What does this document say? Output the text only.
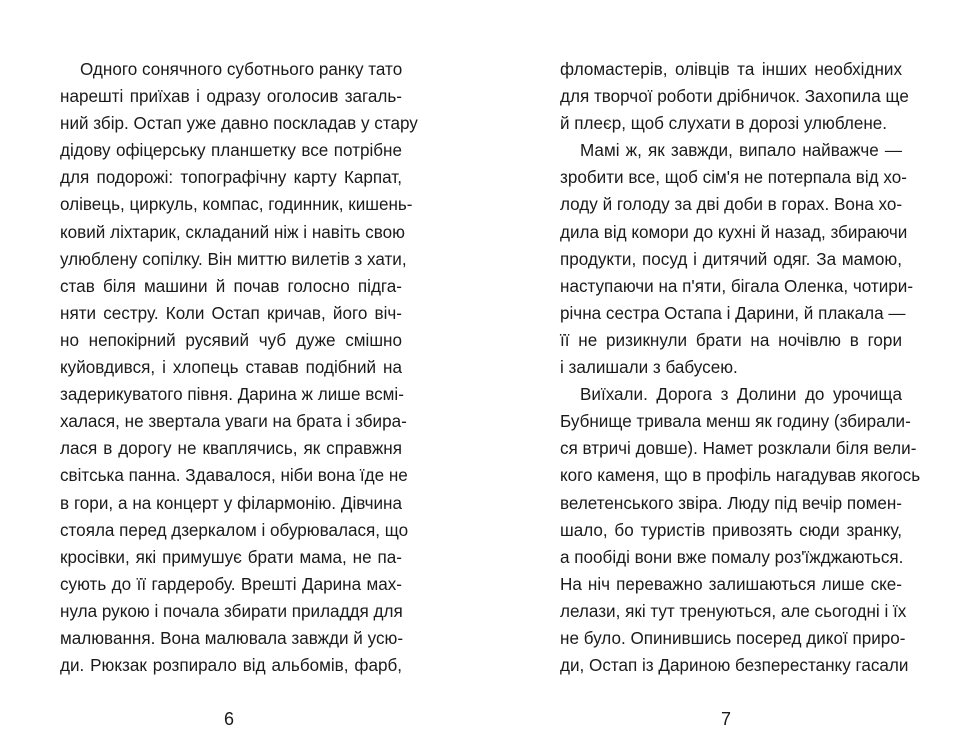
Одного сонячного суботнього ранку тато
нарешті приїхав і одразу оголосив загаль-
ний збір. Остап уже давно поскладав у стару
дідову офіцерську планшетку все потрібне
для подорожі: топографічну карту Карпат,
олівець, циркуль, компас, годинник, кишень-
ковий ліхтарик, складаний ніж і навіть свою
улюблену сопілку. Він миттю вилетів з хати,
став біля машини й почав голосно підга-
няти сестру. Коли Остап кричав, його віч-
но непокірний русявий чуб дуже смішно
куйовдився, і хлопець ставав подібний на
задерикуватого півня. Дарина ж лише всмі-
халася, не звертала уваги на брата і збира-
лася в дорогу не кваплячись, як справжня
світська панна. Здавалося, ніби вона їде не
в гори, а на концерт у філармонію. Дівчина
стояла перед дзеркалом і обурювалася, що
кросівки, які примушує брати мама, не па-
сують до її гардеробу. Врешті Дарина мах-
нула рукою і почала збирати приладдя для
малювання. Вона малювала завжди й усю-
ди. Рюкзак розпирало від альбомів, фарб,
фломастерів, олівців та інших необхідних
для творчої роботи дрібничок. Захопила ще
й плеєр, щоб слухати в дорозі улюблене.
Мамі ж, як завжди, випало найважче —
зробити все, щоб сім'я не потерпала від хо-
лоду й голоду за дві доби в горах. Вона хо-
дила від комори до кухні й назад, збираючи
продукти, посуд і дитячий одяг. За мамою,
наступаючи на п'яти, бігала Оленка, чотири-
річна сестра Остапа і Дарини, й плакала —
її не ризикнули брати на ночівлю в гори
і залишали з бабусею.
Виїхали. Дорога з Долини до урочища
Бубнище тривала менш як годину (збирали-
ся втричі довше). Намет розклали біля вели-
кого каменя, що в профіль нагадував якогось
велетенського звіра. Люду під вечір помен-
шало, бо туристів привозять сюди зранку,
а пообіді вони вже помалу роз'їжджаються.
На ніч переважно залишаються лише ске-
лелази, які тут тренуються, але сьогодні і їх
не було. Опинившись посеред дикої приро-
ди, Остап із Дариною безперестанку гасали
6	7
